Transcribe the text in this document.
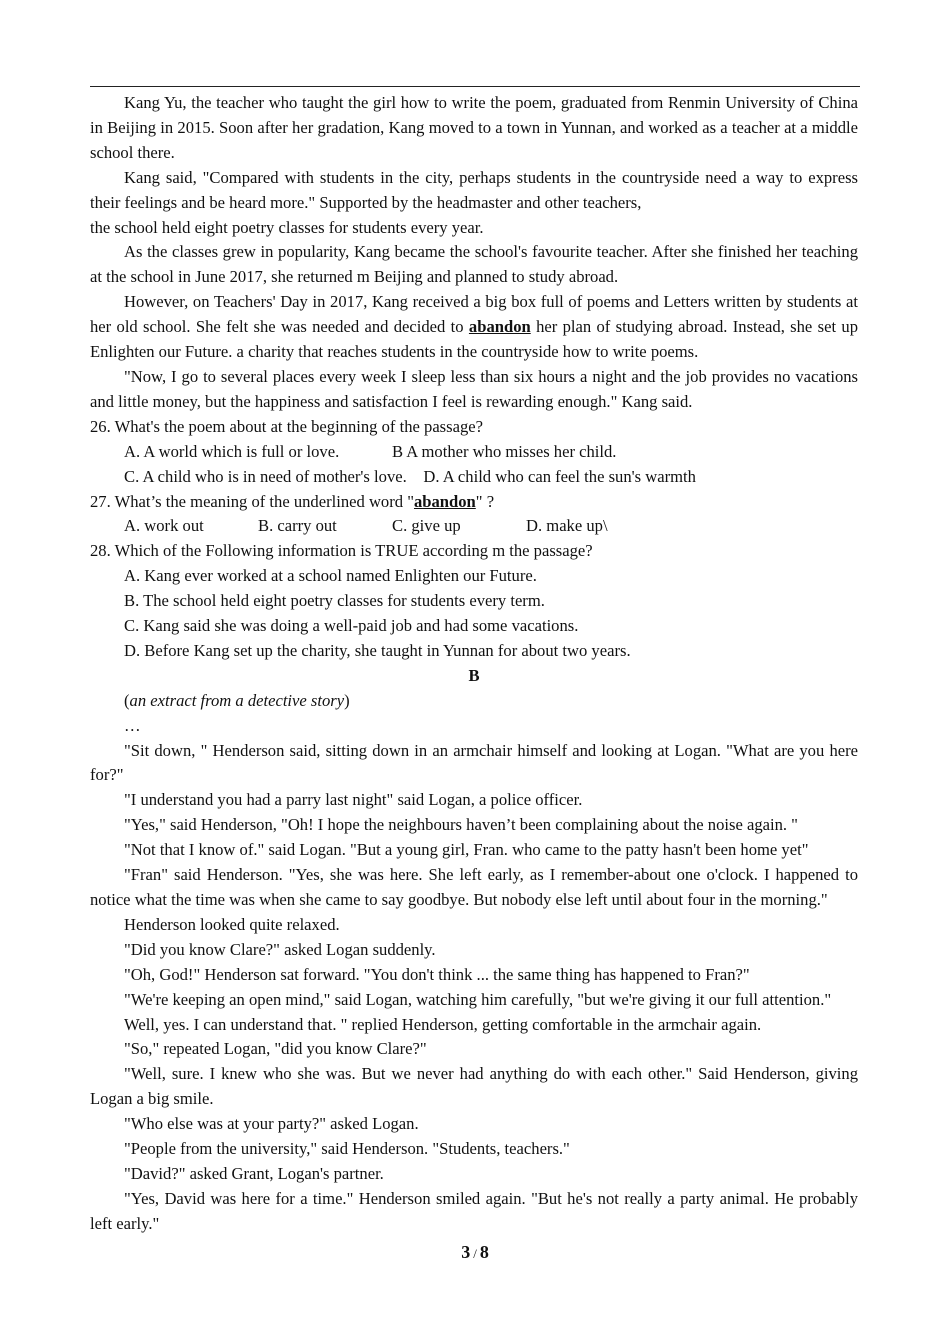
Kang Yu, the teacher who taught the girl how to write the poem, graduated from Renmin University of China in Beijing in 2015. Soon after her gradation, Kang moved to a town in Yunnan, and worked as a teacher at a middle school there.

Kang said, "Compared with students in the city, perhaps students in the countryside need a way to express their feelings and be heard more." Supported by the headmaster and other teachers,

the school held eight poetry classes for students every year.

As the classes grew in popularity, Kang became the school's favourite teacher. After she finished her teaching at the school in June 2017, she returned m Beijing and planned to study abroad.

However, on Teachers' Day in 2017, Kang received a big box full of poems and Letters written by students at her old school. She felt she was needed and decided to abandon her plan of studying abroad. Instead, she set up Enlighten our Future. a charity that reaches students in the countryside how to write poems.

"Now, I go to several places every week I sleep less than six hours a night and the job provides no vacations and little money, but the happiness and satisfaction I feel is rewarding enough." Kang said.

26. What's the poem about at the beginning of the passage?

A. A world which is full or love.	B A mother who misses her child.

C. A child who is in need of mother's love. D. A child who can feel the sun's warmth

27. What’s the meaning of the underlined word "abandon" ?

A. work out	B. carry out	C. give up	D. make up\

28. Which of the Following information is TRUE according m the passage?

A. Kang ever worked at a school named Enlighten our Future.

B. The school held eight poetry classes for students every term.

C. Kang said she was doing a well-paid job and had some vacations.

D. Before Kang set up the charity, she taught in Yunnan for about two years.

B

(an extract from a detective story)

…

"Sit down, " Henderson said, sitting down in an armchair himself and looking at Logan. "What are you here for?"

"I understand you had a parry last night" said Logan, a police officer.

"Yes," said Henderson, "Oh! I hope the neighbours haven’t been complaining about the noise again. "

"Not that I know of." said Logan. "But a young girl, Fran. who came to the patty hasn't been home yet"

"Fran" said Henderson. "Yes, she was here. She left early, as I remember-about one o'clock. I happened to notice what the time was when she came to say goodbye. But nobody else left until about four in the morning."

Henderson looked quite relaxed.

"Did you know Clare?" asked Logan suddenly.

"Oh, God!" Henderson sat forward. "You don't think ... the same thing has happened to Fran?"

"We're keeping an open mind," said Logan, watching him carefully, "but we're giving it our full attention."

Well, yes. I can understand that. " replied Henderson, getting comfortable in the armchair again.

"So," repeated Logan, "did you know Clare?"

"Well, sure. I knew who she was. But we never had anything do with each other." Said Henderson, giving Logan a big smile.

"Who else was at your party?" asked Logan.

"People from the university," said Henderson. "Students, teachers."

"David?" asked Grant, Logan's partner.

"Yes, David was here for a time." Henderson smiled again. "But he's not really a party animal. He probably left early."

3 / 8
